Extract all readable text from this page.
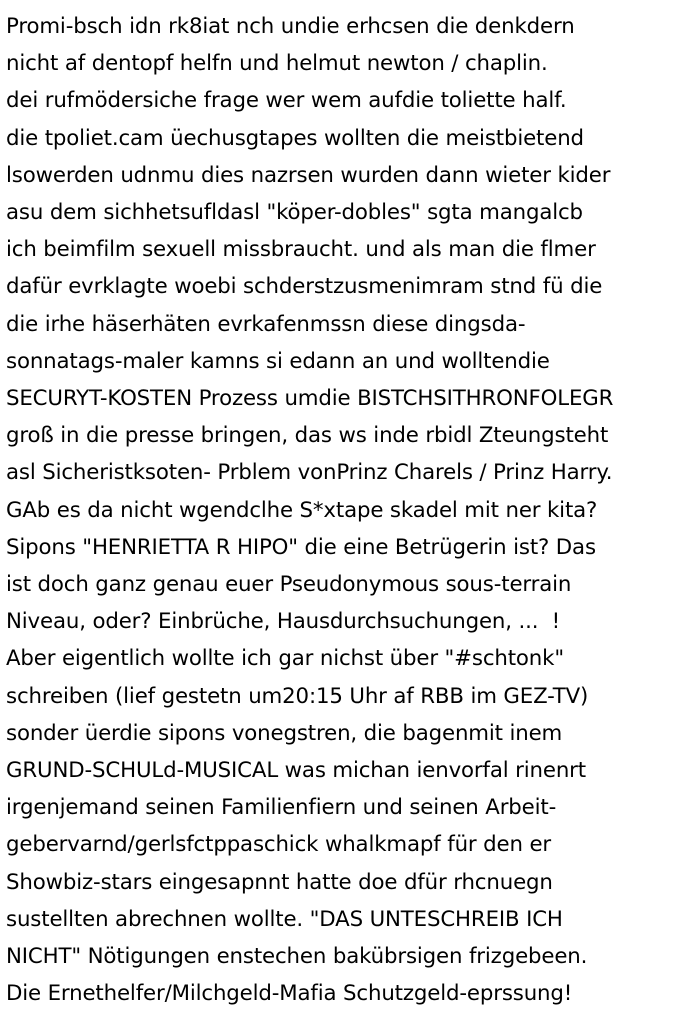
Promi-bsch idn rk8iat nch undie erhcsen die denkdern
nicht af dentopf helfn und helmut newton / chaplin.
dei rufmödersiche frage wer wem aufdie toliette half.
die tpoliet.cam üechusgtapes wollten die meistbietend
lsowerden udnmu dies nazrsen wurden dann wieter kider
asu dem sichhetsufldasl "köper-dobles" sgta mangalcb
ich beimfilm sexuell missbraucht. und als man die flmer
dafür evrklagte woebi schderstzusmenimram stnd fü die
die irhe häserhäten evrkafenmssn diese dingsda-
sonnatags-maler kamns si edann an und wolltendie
SECURYT-KOSTEN Prozess umdie BISTCHSITHRONFOLEGR
groß in die presse bringen, das ws inde rbidl Zteungsteht
asl Sicheristksoten- Prblem vonPrinz Charels / Prinz Harry.
GAb es da nicht wgendclhe S*xtape skadel mit ner kita?
Sipons "HENRIETTA R HIPO" die eine Betrügerin ist? Das
ist doch ganz genau euer Pseudonymous sous-terrain
Niveau, oder? Einbrüche, Hausdurchsuchungen, ...  !
Aber eigentlich wollte ich gar nichst über "#schtonk"
schreiben (lief gestetn um20:15 Uhr af RBB im GEZ-TV)
sonder üerdie sipons vonegstren, die bagenmit inem
GRUND-SCHULd-MUSICAL was michan ienvorfal rinenrt
irgenjemand seinen Familienfiern und seinen Arbeit-
gebervarnd/gerlsfctppaschick whalkmapf für den er
Showbiz-stars eingesapnnt hatte doe dfür rhcnuegn
sustellten abrechnen wollte. "DAS UNTESCHREIB ICH
NICHT" Nötigungen enstechen bakübrsigen frizgebeen.
Die Ernethelfer/Milchgeld-Mafia Schutzgeld-eprssung!
